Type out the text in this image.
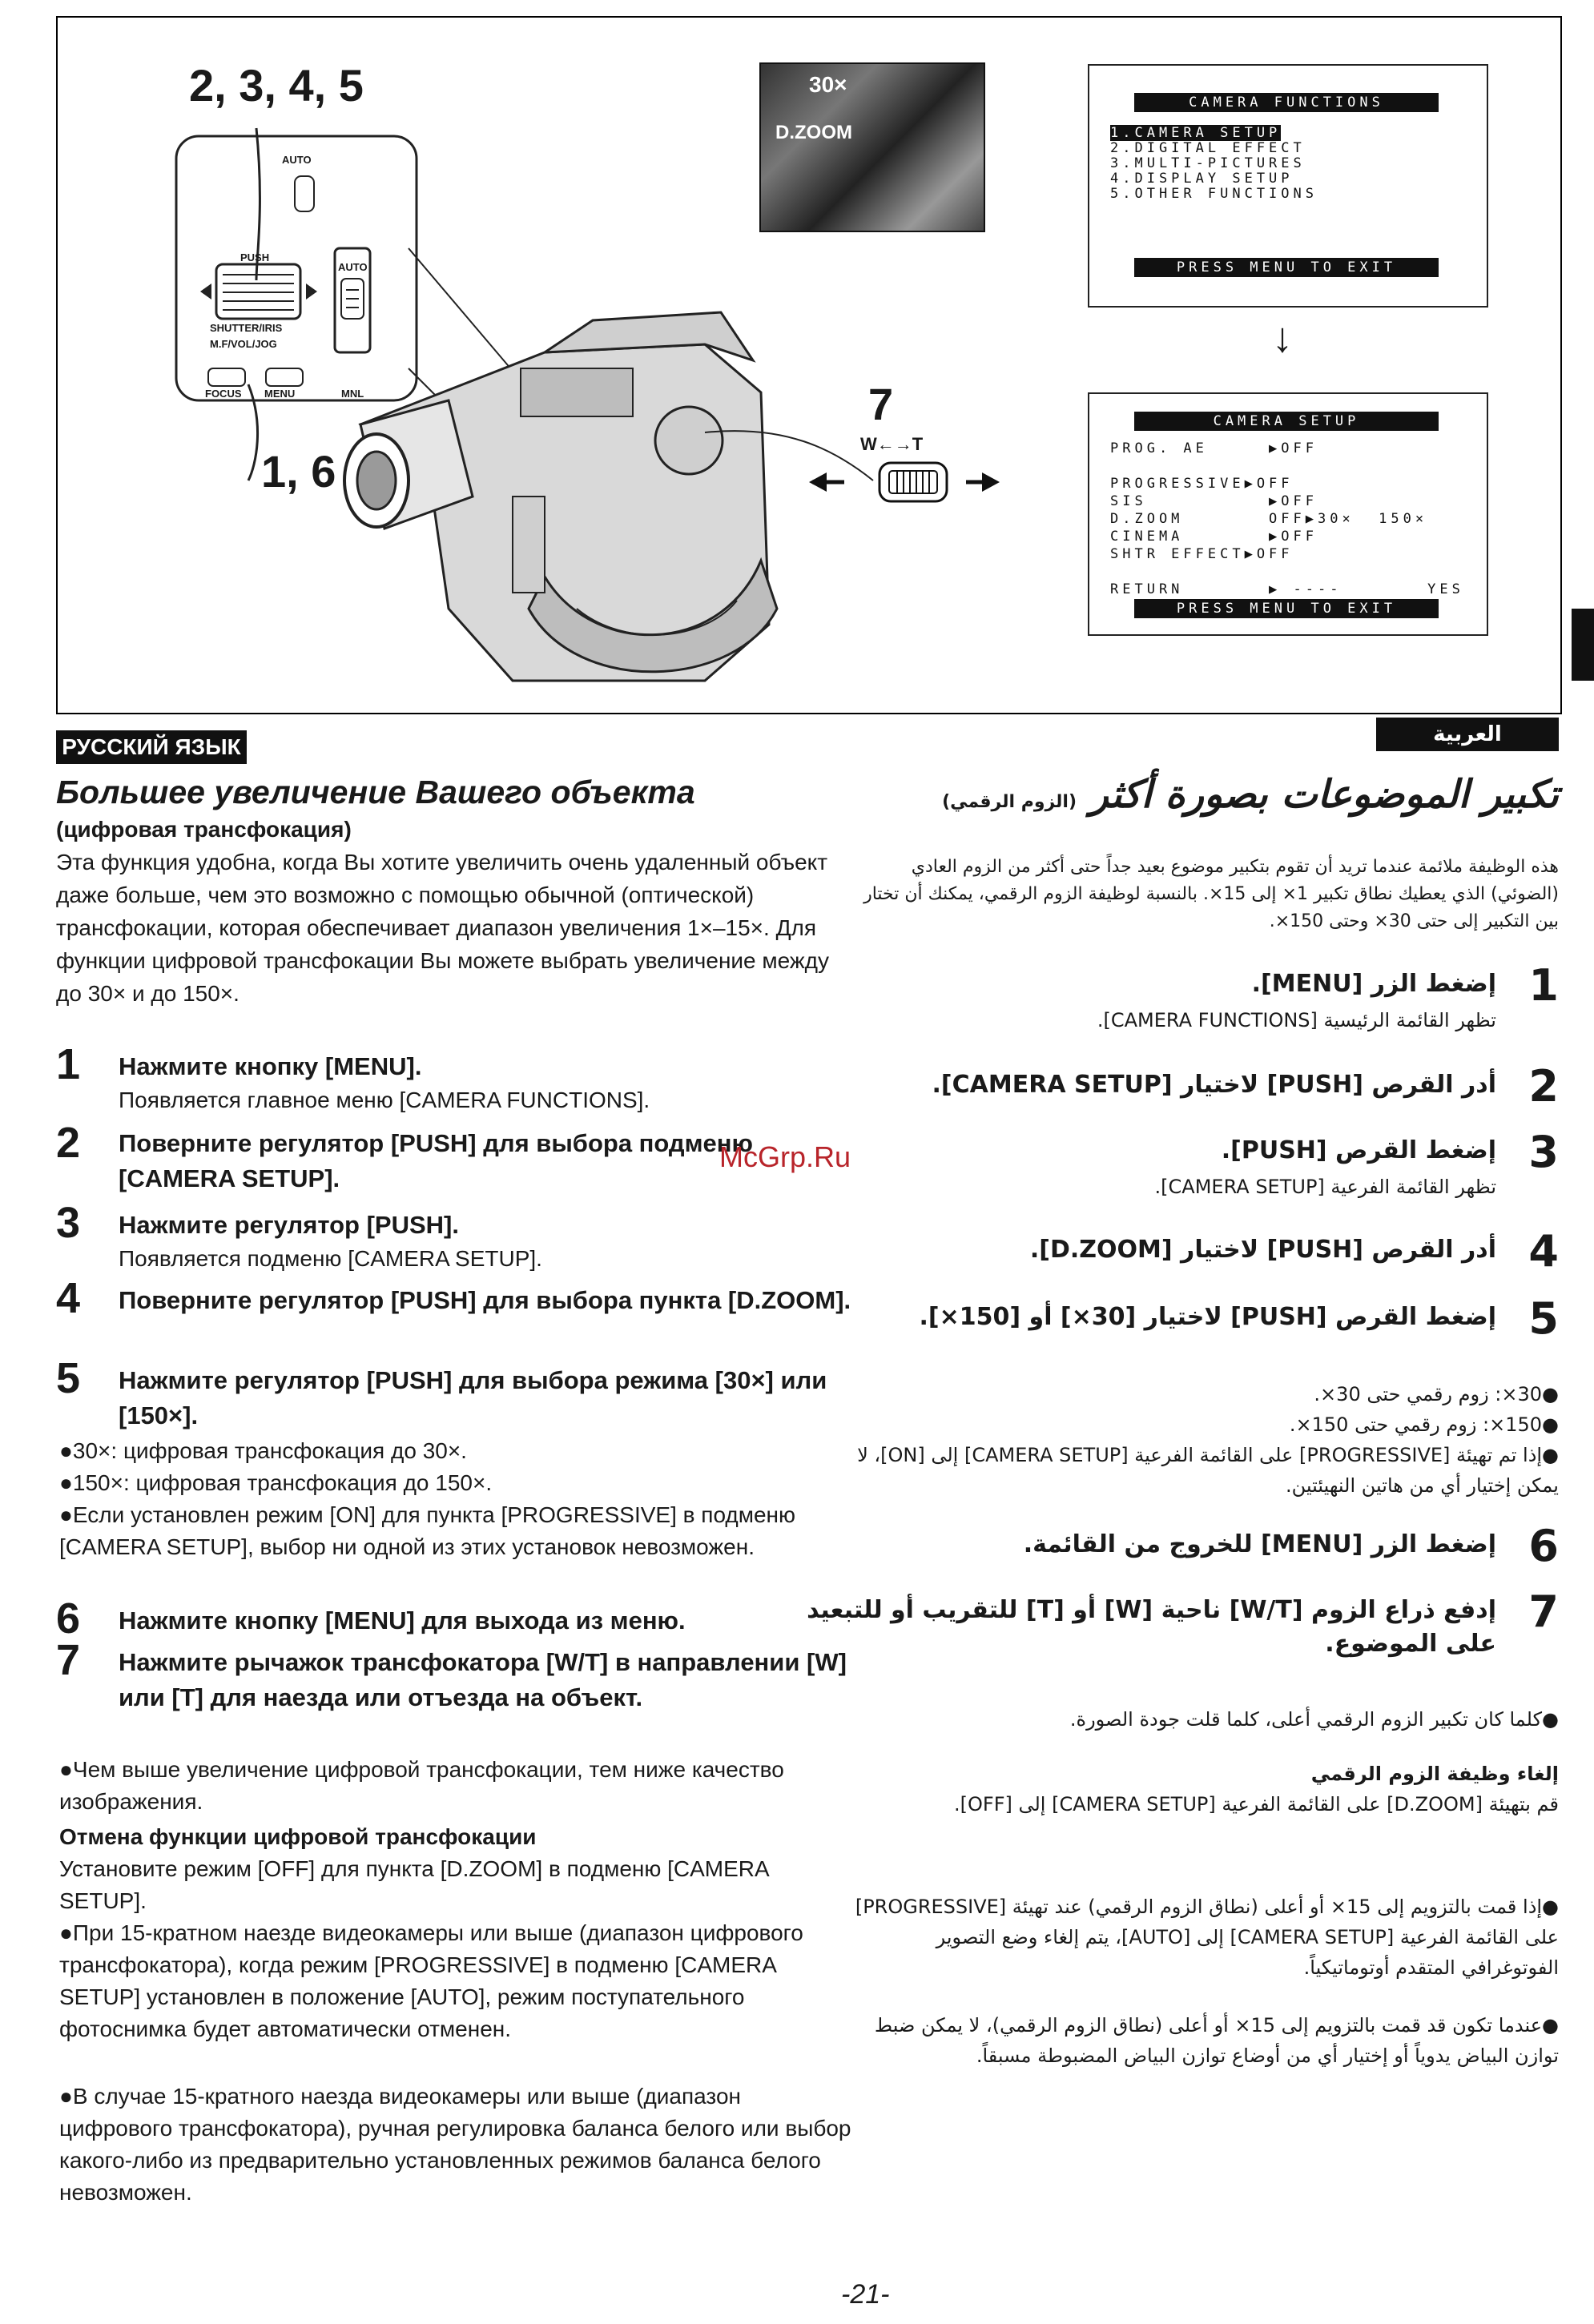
2, 3, 4, 5
1, 6
7
AUTO
PUSH
AUTO
SHUTTER/IRIS
M.F/VOL/JOG
FOCUS MENU	MNL
W←→T
30×
D.ZOOM
CAMERA FUNCTIONS
1.CAMERA SETUP
2.DIGITAL EFFECT
3.MULTI-PICTURES
4.DISPLAY SETUP
5.OTHER FUNCTIONS
PRESS MENU TO EXIT
↓
CAMERA SETUP
PROG. AE     ▶OFF
PROGRESSIVE▶OFF
SIS          ▶OFF
D.ZOOM       OFF▶30×  150×
CINEMA       ▶OFF
SHTR EFFECT▶OFF
RETURN       ▶ ----       YES
PRESS MENU TO EXIT
РУССКИЙ ЯЗЫК
Большее увеличение Вашего объекта
(цифровая трансфокация)
Эта функция удобна, когда Вы хотите увеличить очень удаленный объект даже больше, чем это возможно с помощью обычной (оптической) трансфокации, которая обеспечивает диапазон увеличения 1×–15×. Для функции цифровой трансфокации Вы можете выбрать увеличение между до 30× и до 150×.
1 Нажмите кнопку [MENU].
Появляется главное меню [CAMERA FUNCTIONS].
2 Поверните регулятор [PUSH] для выбора подменю [CAMERA SETUP].
3 Нажмите регулятор [PUSH].
Появляется подменю [CAMERA SETUP].
4 Поверните регулятор [PUSH] для выбора пункта [D.ZOOM].
5 Нажмите регулятор [PUSH] для выбора режима [30×] или [150×].
●30×: цифровая трансфокация до 30×.
●150×: цифровая трансфокация до 150×.
●Если установлен режим [ON] для пункта [PROGRESSIVE] в подменю [CAMERA SETUP], выбор ни одной из этих установок невозможен.
6 Нажмите кнопку [MENU] для выхода из меню.
7 Нажмите рычажок трансфокатора [W/T] в направлении [W] или [T] для наезда или отъезда на объект.
●Чем выше увеличение цифровой трансфокации, тем ниже качество изображения.
Отмена функции цифровой трансфокации
Установите режим [OFF] для пункта [D.ZOOM] в подменю [CAMERA SETUP].
●При 15-кратном наезде видеокамеры или выше (диапазон цифрового трансфокатора), когда режим [PROGRESSIVE] в подменю [CAMERA SETUP] установлен в положение [AUTO], режим поступательного фотоснимка будет автоматически отменен.
●В случае 15-кратного наезда видеокамеры или выше (диапазон цифрового трансфокатора), ручная регулировка баланса белого или выбор какого-либо из предварительно установленных режимов баланса белого невозможен.
McGrp.Ru
العربية
تكبير الموضوعات بصورة أكثر (الزوم الرقمي)
هذه الوظيفة ملائمة عندما تريد أن تقوم بتكبير موضوع بعيد جداً حتى أكثر من الزوم العادي (الضوئي) الذي يعطيك نطاق تكبير 1× إلى 15×. بالنسبة لوظيفة الزوم الرقمي، يمكنك أن تختار بين التكبير إلى حتى 30× وحتى 150×.
1
إضغط الزر [MENU].
تظهر القائمة الرئيسية [CAMERA FUNCTIONS].
2
أدر القرص [PUSH] لاختيار [CAMERA SETUP].
3
إضغط القرص [PUSH].
تظهر القائمة الفرعية [CAMERA SETUP].
4
أدر القرص [PUSH] لاختيار [D.ZOOM].
5
إضغط القرص [PUSH] لاختيار [30×] أو [150×].
●30×: زوم رقمي حتى 30×.
●150×: زوم رقمي حتى 150×.
●إذا تم تهيئة [PROGRESSIVE] على القائمة الفرعية [CAMERA SETUP] إلى [ON]، لا يمكن إختيار أي من هاتين النهيئتين.
6
إضغط الزر [MENU] للخروج من القائمة.
7
إدفع ذراع الزوم [W/T] ناحية [W] أو [T] للتقريب أو للتبعيد على الموضوع.
●كلما كان تكبير الزوم الرقمي أعلى، كلما قلت جودة الصورة.
إلغاء وظيفة الزوم الرقمي
قم بتهيئة [D.ZOOM] على القائمة الفرعية [CAMERA SETUP] إلى [OFF].
●إذا قمت بالتزويم إلى 15× أو أعلى (نطاق الزوم الرقمي) عند تهيئة [PROGRESSIVE] على القائمة الفرعية [CAMERA SETUP] إلى [AUTO]، يتم إلغاء وضع التصوير الفوتوغرافي المتقدم أوتوماتيكياً.
●عندما تكون قد قمت بالتزويم إلى 15× أو أعلى (نطاق الزوم الرقمي)، لا يمكن ضبط توازن البياض يدوياً أو إختيار أي من أوضاع توازن البياض المضبوطة مسبقاً.
-21-
